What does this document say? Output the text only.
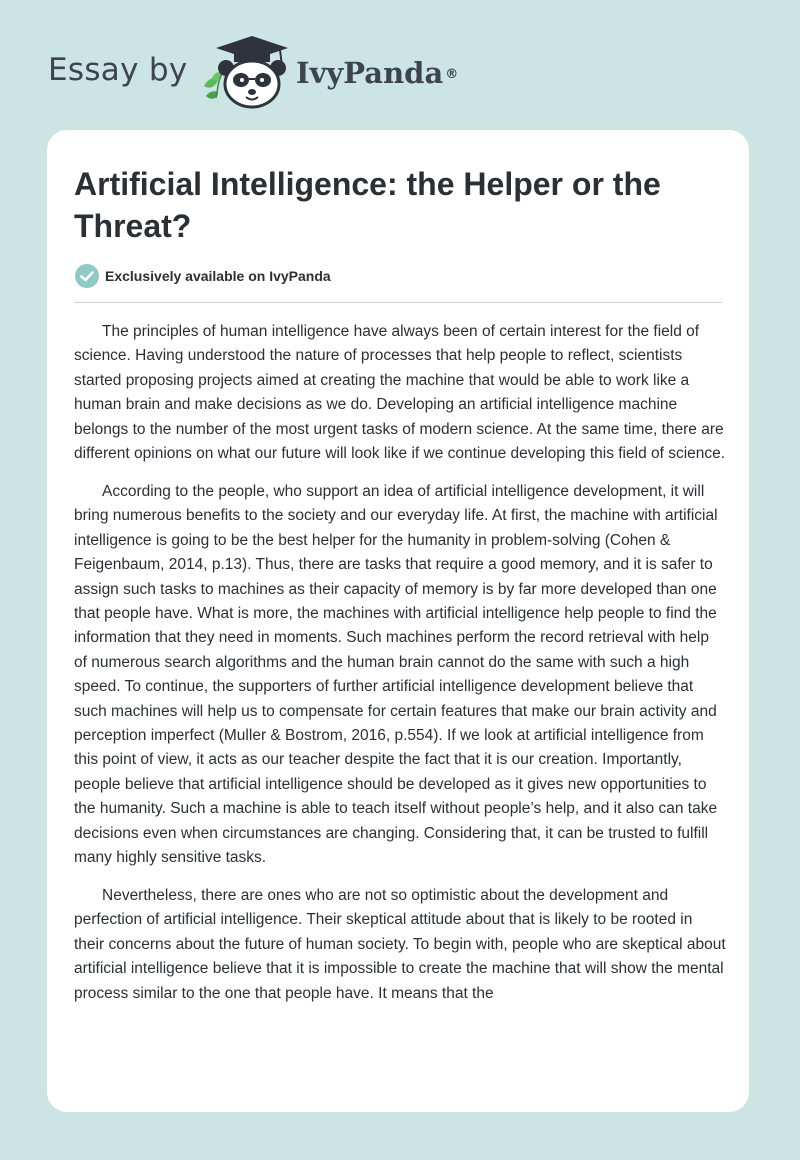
Essay by	IvyPanda ®
Artificial Intelligence: the Helper or the Threat?
Exclusively available on IvyPanda

The principles of human intelligence have always been of certain interest for the field of science. Having understood the nature of processes that help people to reflect, scientists started proposing projects aimed at creating the machine that would be able to work like a human brain and make decisions as we do. Developing an artificial intelligence machine belongs to the number of the most urgent tasks of modern science. At the same time, there are different opinions on what our future will look like if we continue developing this field of science.

According to the people, who support an idea of artificial intelligence development, it will bring numerous benefits to the society and our everyday life. At first, the machine with artificial intelligence is going to be the best helper for the humanity in problem-solving (Cohen & Feigenbaum, 2014, p.13). Thus, there are tasks that require a good memory, and it is safer to assign such tasks to machines as their capacity of memory is by far more developed than one that people have. What is more, the machines with artificial intelligence help people to find the information that they need in moments. Such machines perform the record retrieval with help of numerous search algorithms and the human brain cannot do the same with such a high speed. To continue, the supporters of further artificial intelligence development believe that such machines will help us to compensate for certain features that make our brain activity and perception imperfect (Muller & Bostrom, 2016, p.554). If we look at artificial intelligence from this point of view, it acts as our teacher despite the fact that it is our creation. Importantly, people believe that artificial intelligence should be developed as it gives new opportunities to the humanity. Such a machine is able to teach itself without people’s help, and it also can take decisions even when circumstances are changing. Considering that, it can be trusted to fulfill many highly sensitive tasks.

Nevertheless, there are ones who are not so optimistic about the development and perfection of artificial intelligence. Their skeptical attitude about that is likely to be rooted in their concerns about the future of human society. To begin with, people who are skeptical about artificial intelligence believe that it is impossible to create the machine that will show the mental process similar to the one that people have. It means that the
